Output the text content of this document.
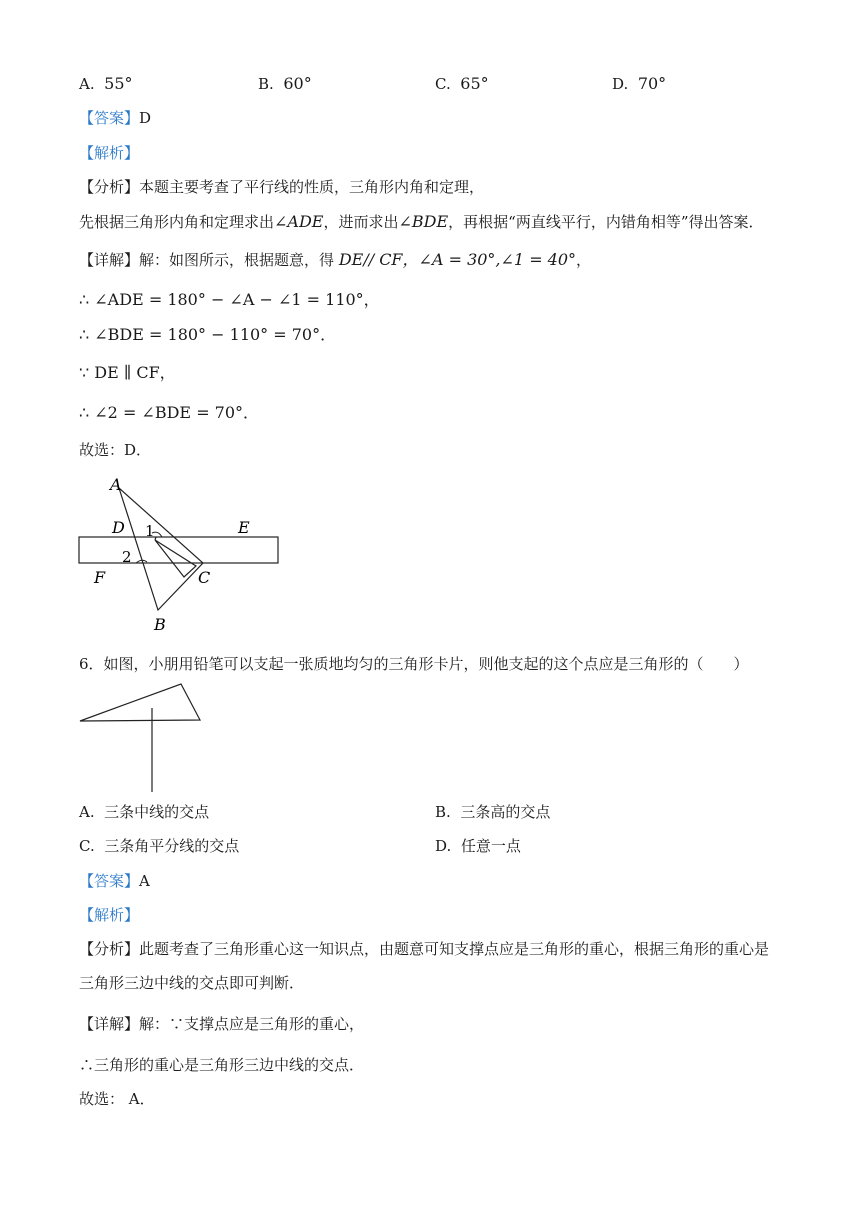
A. 55°	B. 60°	C. 65°	D. 70°
【答案】D
【解析】
【分析】本题主要考查了平行线的性质，三角形内角和定理，
先根据三角形内角和定理求出∠ADE，进而求出∠BDE，再根据“两直线平行，内错角相等”得出答案．
【详解】解：如图所示，根据题意，得 DE// CF，∠A = 30°,∠1 = 40°，
∴ ∠ADE = 180° − ∠A − ∠1 = 110°，
∴ ∠BDE = 180° − 110° = 70°．
∵ DE ∥ CF，
∴ ∠2 = ∠BDE = 70°．
故选：D．
A
D 1	E
2
F	C
B
6．如图，小朋用铅笔可以支起一张质地均匀的三角形卡片，则他支起的这个点应是三角形的（　　）
A. 三条中线的交点	B. 三条高的交点
C. 三条角平分线的交点	D. 任意一点
【答案】A
【解析】
【分析】此题考查了三角形重心这一知识点，由题意可知支撑点应是三角形的重心，根据三角形的重心是
三角形三边中线的交点即可判断．
【详解】解：∵支撑点应是三角形的重心，
∴三角形的重心是三角形三边中线的交点．
故选： A．
